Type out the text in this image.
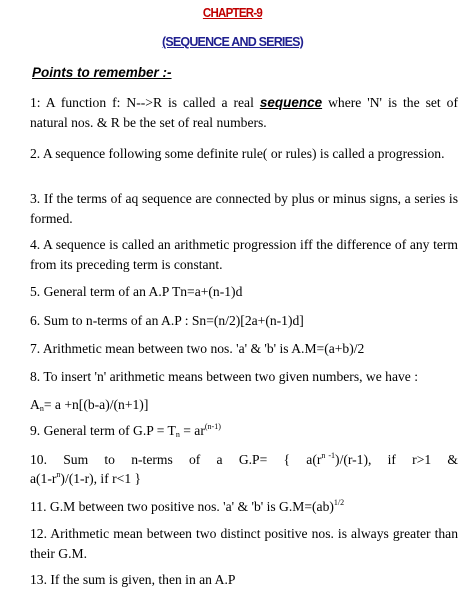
CHAPTER-9
(SEQUENCE AND SERIES)
Points to remember :-
1: A function f: N-->R is called a real sequence where 'N' is the set of natural nos. & R be the set of real numbers.
2. A sequence following some definite rule( or rules) is called a progression.
3. If the terms of aq sequence are connected by plus or minus signs, a series is formed.
4. A sequence is called an arithmetic progression iff the difference of any term from its preceding term is constant.
5. General term of an A.P Tn=a+(n-1)d
6. Sum to n-terms of an A.P : Sn=(n/2)[2a+(n-1)d]
7. Arithmetic mean between two nos. 'a' & 'b' is A.M=(a+b)/2
8. To insert 'n' arithmetic means between two given numbers, we have :
$A_n= a +n[(b-a)/(n+1)]$
9. General term of $G.P = T_n = ar^{(n-1)}$
10. Sum to n-terms of a G.P= { $a(r^n$ $^{-1}$)/(r-1), if r>1 &
$a(1-r^n)/(1-r)$, if r<1 }
11. G.M between two positive nos. 'a' & 'b' is G.M=(ab)$^{1/2}$
12. Arithmetic mean between two distinct positive nos. is always greater than their G.M.
13. If the sum is given, then in an A.P
